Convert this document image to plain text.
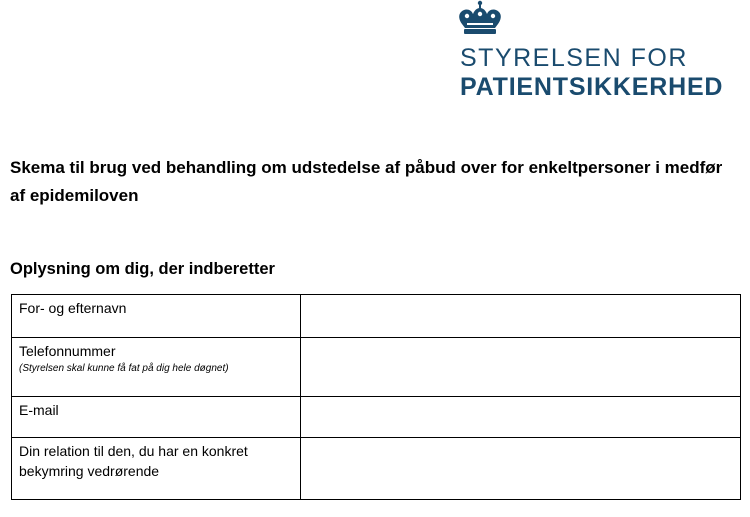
STYRELSEN FOR
PATIENTSIKKERHED
Skema til brug ved behandling om udstedelse af påbud over for enkeltpersoner i medfør af epidemiloven
Oplysning om dig, der indberetter
For- og efternavn	

Telefonnummer
(Styrelsen skal kunne få fat på dig hele døgnet)

E-mail	

Din relation til den, du har en konkret bekymring vedrørende	
